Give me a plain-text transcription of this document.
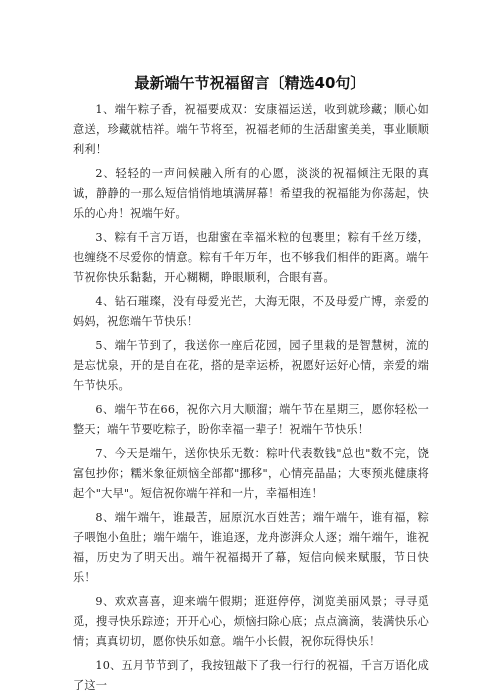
最新端午节祝福留言〔精选40句〕

1、端午粽子香，祝福要成双：安康福运送，收到就珍藏；顺心如意送，珍藏就桔祥。端午节将至，祝福老师的生活甜蜜美美，事业顺顺利利！

2、轻轻的一声问候融入所有的心愿，淡淡的祝福倾注无限的真诚，静静的一那么短信悄悄地填满屏幕！希望我的祝福能为你荡起，快乐的心舟！祝端午好。

3、粽有千言万语，也甜蜜在幸福米粒的包裹里；粽有千丝万缕，也缠绕不尽爱你的情意。粽有千年万年，也不够我们相伴的距离。端午节祝你快乐黏黏，开心糊糊，睁眼顺利，合眼有喜。

4、钻石璀璨，没有母爱光芒，大海无限，不及母爱广博，亲爱的妈妈，祝您端午节快乐！

5、端午节到了，我送你一座后花园，园子里栽的是智慧树，流的是忘忧泉，开的是自在花，搭的是幸运桥，祝愿好运好心情，亲爱的端午节快乐。

6、端午节在66，祝你六月大顺溜；端午节在星期三，愿你轻松一整天；端午节要吃粽子，盼你幸福一辈子！祝端午节快乐！

7、今天是端午，送你快乐无数：粽叶代表数钱"总也"数不完，饶富包抄你；糯米象征烦恼全部都"挪移"，心情亮晶晶；大枣预兆健康将起个"大早"。短信祝你端午祥和一片，幸福相连！

8、端午端午，谁最苦，屈原沉水百姓苦；端午端午，谁有福，粽子喂饱小鱼肚；端午端午，谁追逐，龙舟澎湃众人逐；端午端午，谁祝福，历史为了明天出。端午祝福揭开了幕，短信向候来赋服，节日快乐！

9、欢欢喜喜，迎来端午假期；逛逛停停，浏览美丽风景；寻寻觅觅，搜寻快乐踪迹；开开心心，烦恼扫除心底；点点滴滴，装满快乐心情；真真切切，愿你快乐如意。端午小长假，祝你玩得快乐！

10、五月节节到了，我按钮敲下了我一行行的祝福，千言万语化成了这一
